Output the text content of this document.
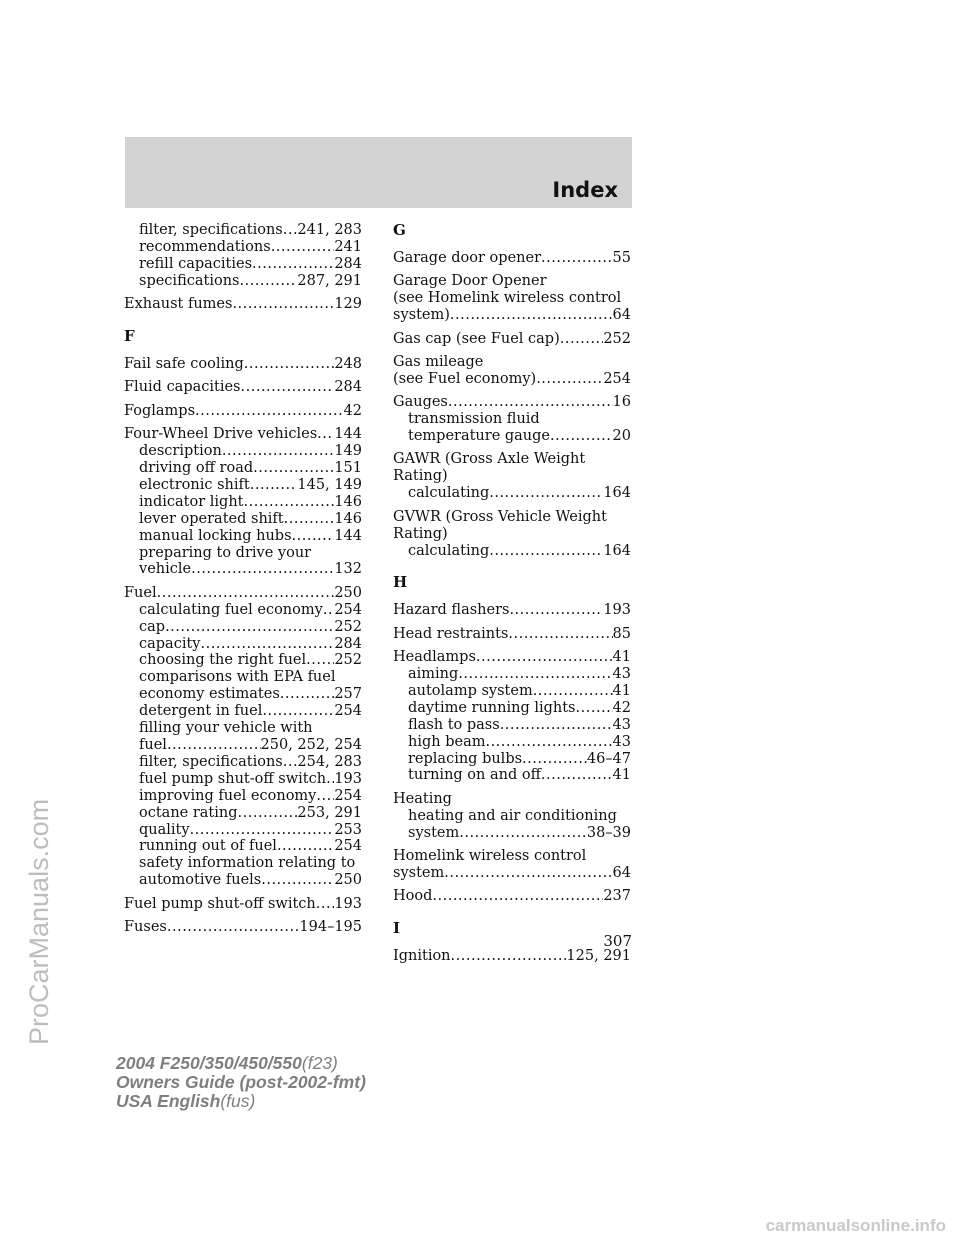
Index
filter, specifications ..... 241, 283
recommendations .....	241
refill capacities .....	284
specifications .....	287, 291
Exhaust fumes .....	129
F
Fail safe cooling .....	248
Fluid capacities .....	284
Foglamps .....	42
Four-Wheel Drive vehicles ..... 144
description .....	149
driving off road .....	151
electronic shift .....	145, 149
indicator light .....	146
lever operated shift .....	146
manual locking hubs .....	144
preparing to drive your
vehicle .....	132
Fuel .....	250
calculating fuel economy ..... 254
cap .....	252
capacity .....	284
choosing the right fuel ..... 252
comparisons with EPA fuel
economy estimates .....	257
detergent in fuel .....	254
filling your vehicle with
fuel .....	250, 252, 254
filter, specifications ..... 254, 283
fuel pump shut-off switch ..... 193
improving fuel economy ..... 254
octane rating .....	253, 291
quality .....	253
running out of fuel .....	254
safety information relating to
automotive fuels .....	250
Fuel pump shut-off switch ..... 193
Fuses .....	194–195
G
Garage door opener .....	55
Garage Door Opener
(see Homelink wireless control
system) .....	64
Gas cap (see Fuel cap) .....	252
Gas mileage
(see Fuel economy) .....	254
Gauges .....	16
transmission fluid
temperature gauge .....	20
GAWR (Gross Axle Weight
Rating)
calculating .....	164
GVWR (Gross Vehicle Weight
Rating)
calculating .....	164
H
Hazard flashers .....	193
Head restraints .....	85
Headlamps .....	41
aiming .....	43
autolamp system .....	41
daytime running lights .....	42
flash to pass .....	43
high beam .....	43
replacing bulbs .....	46–47
turning on and off .....	41
Heating
heating and air conditioning
system .....	38–39
Homelink wireless control
system .....	64
Hood .....	237
I
Ignition .....	125, 291
307
2004 F250/350/450/550(f23)
Owners Guide (post-2002-fmt)
USA English(fus)
ProCarManuals.com
carmanualsonline.info
